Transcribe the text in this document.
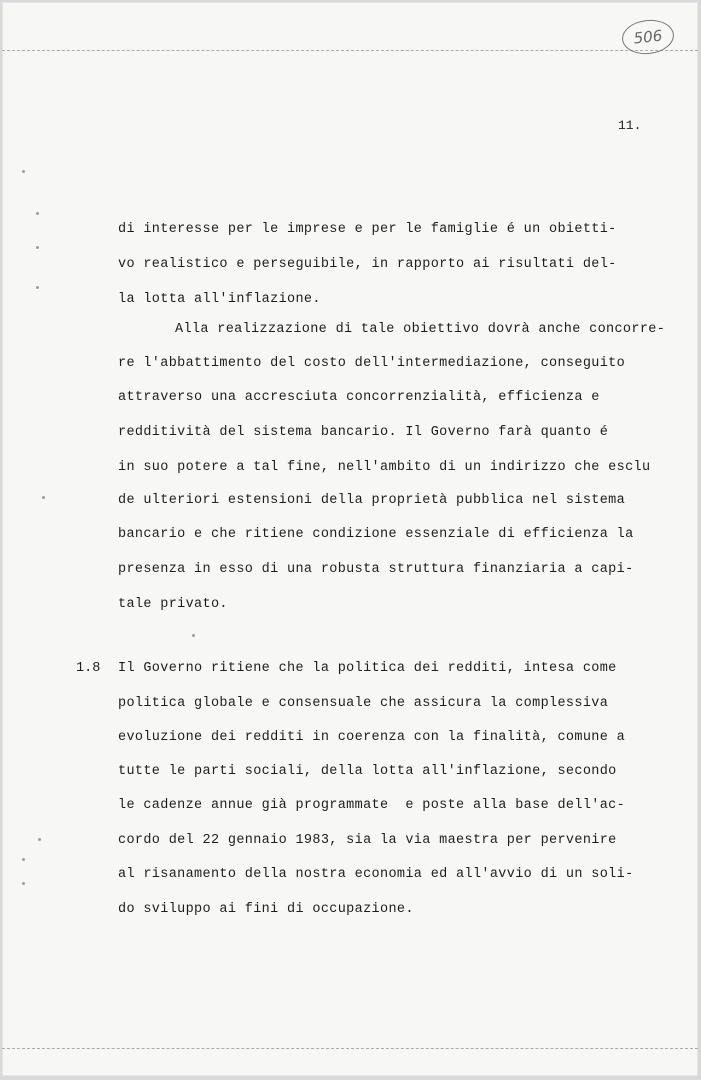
506
11.
di interesse per le imprese e per le famiglie é un obietti-
vo realistico e perseguibile, in rapporto ai risultati del-
la lotta all'inflazione.
Alla realizzazione di tale obiettivo dovrà anche concorre-
re l'abbattimento del costo dell'intermediazione, conseguito
attraverso una accresciuta concorrenzialità, efficienza e
redditività del sistema bancario. Il Governo farà quanto é
in suo potere a tal fine, nell'ambito di un indirizzo che esclu
de ulteriori estensioni della proprietà pubblica nel sistema
bancario e che ritiene condizione essenziale di efficienza la
presenza in esso di una robusta struttura finanziaria a capi-
tale privato.
1.8 Il Governo ritiene che la politica dei redditi, intesa come
politica globale e consensuale che assicura la complessiva
evoluzione dei redditi in coerenza con la finalità, comune a
tutte le parti sociali, della lotta all'inflazione, secondo
le cadenze annue già programmate  e poste alla base dell'ac-
cordo del 22 gennaio 1983, sia la via maestra per pervenire
al risanamento della nostra economia ed all'avvio di un soli-
do sviluppo ai fini di occupazione.
